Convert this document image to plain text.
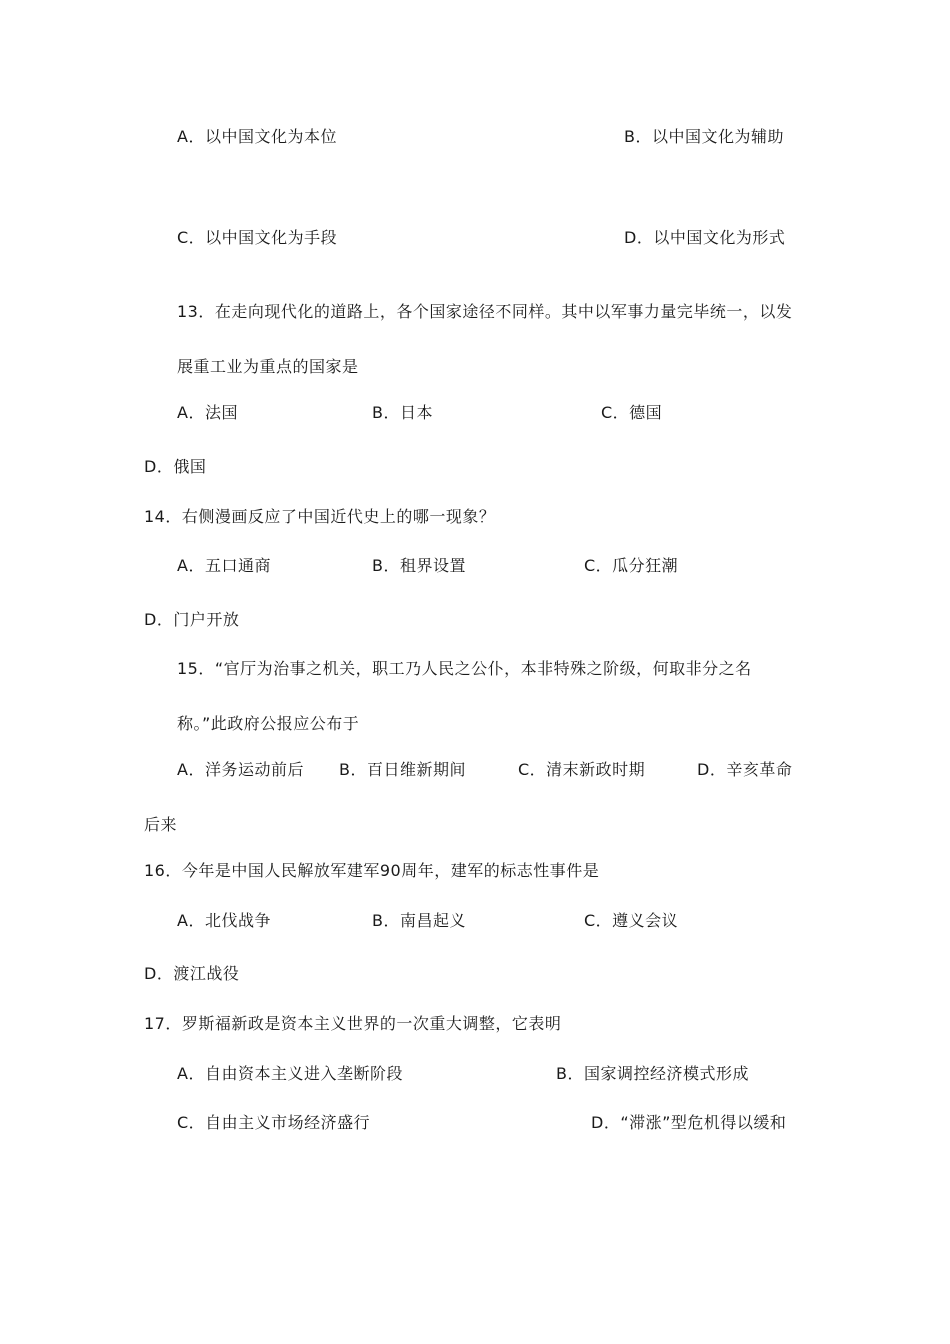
A．以中国文化为本位	B．以中国文化为辅助
C．以中国文化为手段	D．以中国文化为形式
13．在走向现代化的道路上，各个国家途径不同样。其中以军事力量完毕统一，以发
展重工业为重点的国家是
A．法国	B．日本	C．德国
D．俄国
14．右侧漫画反应了中国近代史上的哪一现象？
A．五口通商	B．租界设置	C．瓜分狂潮
D．门户开放
15．“官厅为治事之机关，职工乃人民之公仆，本非特殊之阶级，何取非分之名
称。”此政府公报应公布于
A．洋务运动前后 B．百日维新期间	C．清末新政时期	D．辛亥革命
后来
16．今年是中国人民解放军建军90周年，建军的标志性事件是
A．北伐战争	B．南昌起义	C．遵义会议
D．渡江战役
17．罗斯福新政是资本主义世界的一次重大调整，它表明
A．自由资本主义进入垄断阶段	B．国家调控经济模式形成
C．自由主义市场经济盛行	D．“滞涨”型危机得以缓和
